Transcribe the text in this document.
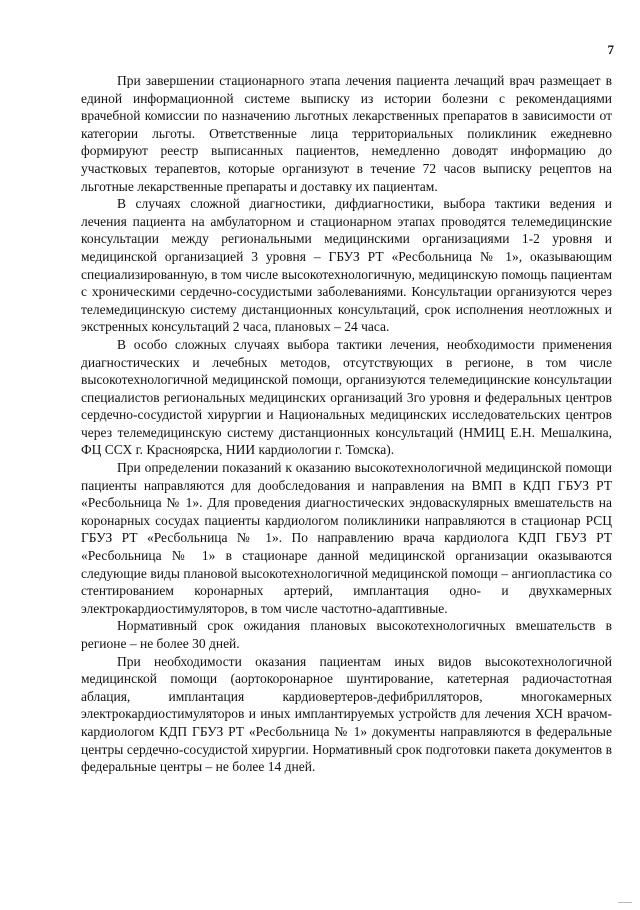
7

При завершении стационарного этапа лечения пациента лечащий врач размещает в единой информационной системе выписку из истории болезни с рекомендациями врачебной комиссии по назначению льготных лекарственных препаратов в зависимости от категории льготы. Ответственные лица территориальных поликлиник ежедневно формируют реестр выписанных пациентов, немедленно доводят информацию до участковых терапевтов, которые организуют в течение 72 часов выписку рецептов на льготные лекарственные препараты и доставку их пациентам.

В случаях сложной диагностики, дифдиагностики, выбора тактики ведения и лечения пациента на амбулаторном и стационарном этапах проводятся телемедицинские консультации между региональными медицинскими организациями 1-2 уровня и медицинской организацией 3 уровня – ГБУЗ РТ «Ресбольница № 1», оказывающим специализированную, в том числе высокотехнологичную, медицинскую помощь пациентам с хроническими сердечно-сосудистыми заболеваниями. Консультации организуются через телемедицинскую систему дистанционных консультаций, срок исполнения неотложных и экстренных консультаций 2 часа, плановых – 24 часа.

В особо сложных случаях выбора тактики лечения, необходимости применения диагностических и лечебных методов, отсутствующих в регионе, в том числе высокотехнологичной медицинской помощи, организуются телемедицинские консультации специалистов региональных медицинских организаций 3го уровня и федеральных центров сердечно-сосудистой хирургии и Национальных медицинских исследовательских центров через телемедицинскую систему дистанционных консультаций (НМИЦ Е.Н. Мешалкина, ФЦ ССХ г. Красноярска, НИИ кардиологии г. Томска).

При определении показаний к оказанию высокотехнологичной медицинской помощи пациенты направляются для дообследования и направления на ВМП в КДП ГБУЗ РТ «Ресбольница № 1». Для проведения диагностических эндоваскулярных вмешательств на коронарных сосудах пациенты кардиологом поликлиники направляются в стационар РСЦ ГБУЗ РТ «Ресбольница № 1». По направлению врача кардиолога КДП ГБУЗ РТ «Ресбольница № 1» в стационаре данной медицинской организации оказываются следующие виды плановой высокотехнологичной медицинской помощи – ангиопластика со стентированием коронарных артерий, имплантация одно- и двухкамерных электрокардиостимуляторов, в том числе частотно-адаптивные.

Нормативный срок ожидания плановых высокотехнологичных вмешательств в регионе – не более 30 дней.

При необходимости оказания пациентам иных видов высокотехнологичной медицинской помощи (аортокоронарное шунтирование, катетерная радиочастотная аблация, имплантация кардиовертеров-дефибрилляторов, многокамерных электрокардиостимуляторов и иных имплантируемых устройств для лечения ХСН врачом-кардиологом КДП ГБУЗ РТ «Ресбольница № 1» документы направляются в федеральные центры сердечно-сосудистой хирургии. Нормативный срок подготовки пакета документов в федеральные центры – не более 14 дней.
